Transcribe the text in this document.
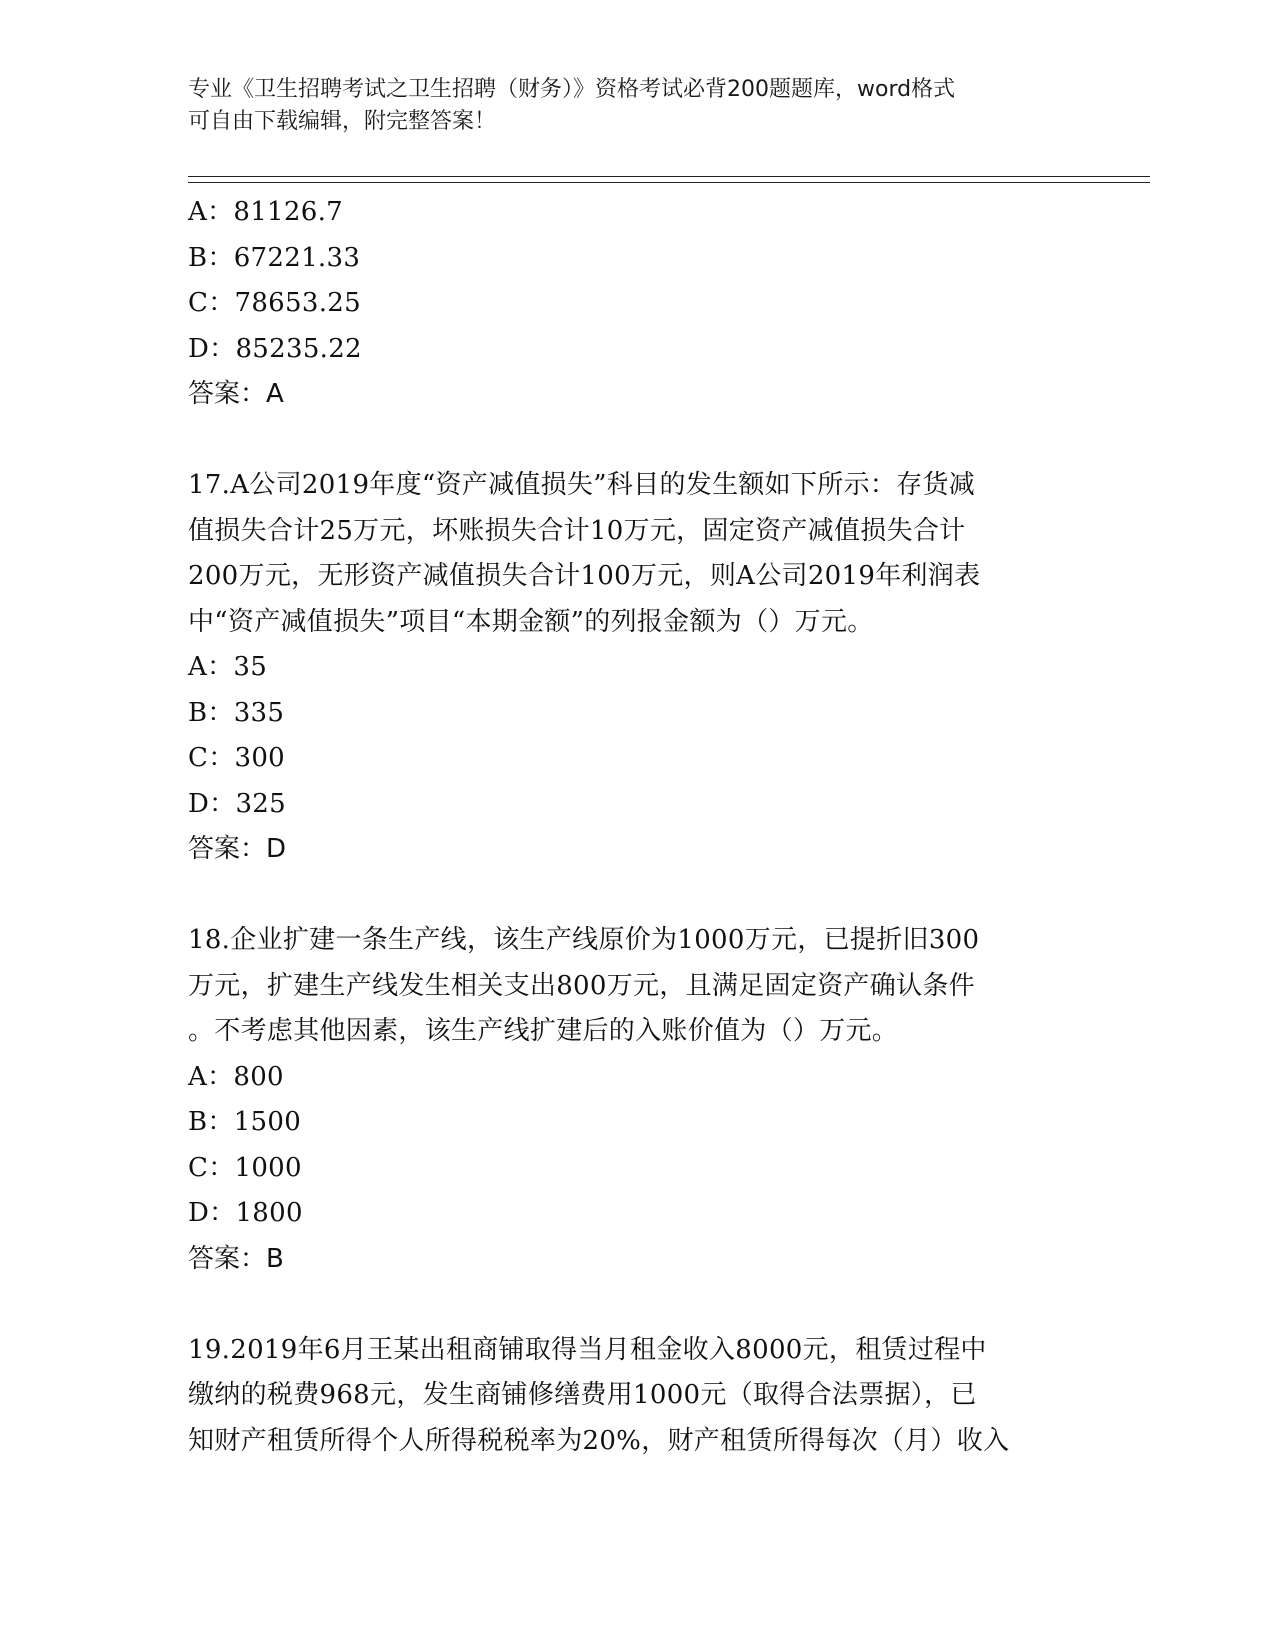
专业《卫生招聘考试之卫生招聘（财务）》资格考试必背200题题库，word格式
可自由下载编辑，附完整答案！
A：81126.7
B：67221.33
C：78653.25
D：85235.22
答案：A
17.A公司2019年度“资产减值损失”科目的发生额如下所示：存货减
值损失合计25万元，坏账损失合计10万元，固定资产减值损失合计
200万元，无形资产减值损失合计100万元，则A公司2019年利润表
中“资产减值损失”项目“本期金额”的列报金额为（）万元。
A：35
B：335
C：300
D：325
答案：D
18.企业扩建一条生产线，该生产线原价为1000万元，已提折旧300
万元，扩建生产线发生相关支出800万元，且满足固定资产确认条件
。不考虑其他因素，该生产线扩建后的入账价值为（）万元。
A：800
B：1500
C：1000
D：1800
答案：B
19.2019年6月王某出租商铺取得当月租金收入8000元，租赁过程中
缴纳的税费968元，发生商铺修缮费用1000元（取得合法票据），已
知财产租赁所得个人所得税税率为20%，财产租赁所得每次（月）收入
